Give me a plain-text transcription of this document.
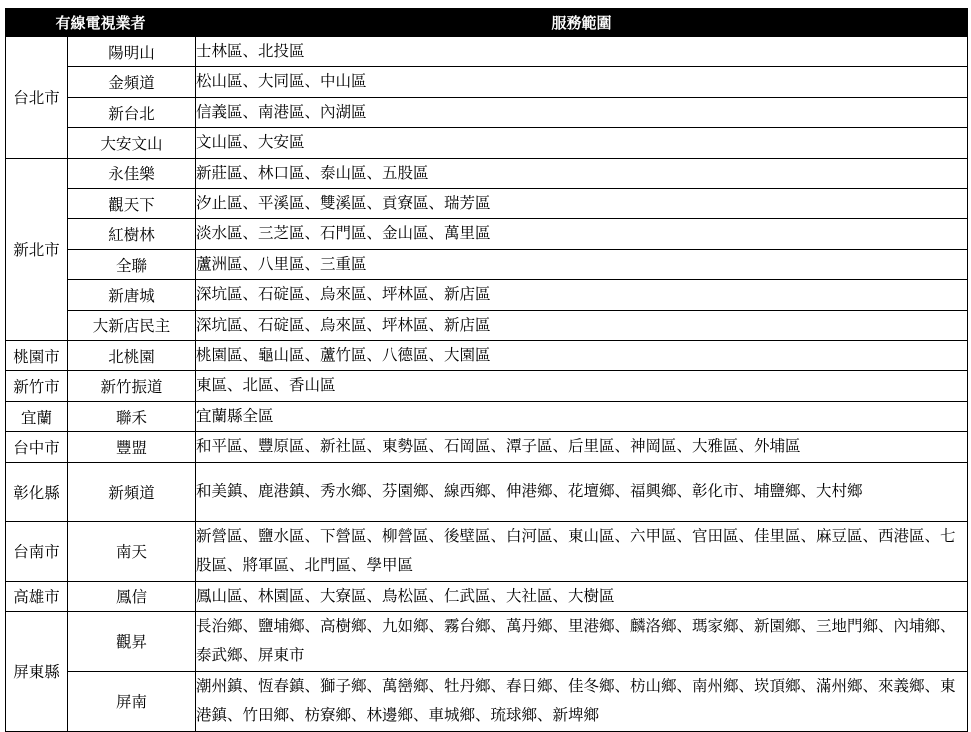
有線電視業者		服務範圍
台北市	陽明山	士林區、北投區
	金頻道	松山區、大同區、中山區
	新台北	信義區、南港區、內湖區
	大安文山	文山區、大安區
新北市	永佳樂	新莊區、林口區、泰山區、五股區
	觀天下	汐止區、平溪區、雙溪區、貢寮區、瑞芳區
	紅樹林	淡水區、三芝區、石門區、金山區、萬里區
	全聯	蘆洲區、八里區、三重區
	新唐城	深坑區、石碇區、烏來區、坪林區、新店區
	大新店民主	深坑區、石碇區、烏來區、坪林區、新店區
桃園市	北桃園	桃園區、龜山區、蘆竹區、八德區、大園區
新竹市	新竹振道	東區、北區、香山區
宜蘭	聯禾	宜蘭縣全區
台中市	豐盟	和平區、豐原區、新社區、東勢區、石岡區、潭子區、后里區、神岡區、大雅區、外埔區
彰化縣	新頻道	和美鎮、鹿港鎮、秀水鄉、芬園鄉、線西鄉、伸港鄉、花壇鄉、福興鄉、彰化市、埔鹽鄉、大村鄉
台南市	南天	新營區、鹽水區、下營區、柳營區、後壁區、白河區、東山區、六甲區、官田區、佳里區、麻豆區、西港區、七股區、將軍區、北門區、學甲區
高雄市	鳳信	鳳山區、林園區、大寮區、鳥松區、仁武區、大社區、大樹區
屏東縣	觀昇	長治鄉、鹽埔鄉、高樹鄉、九如鄉、霧台鄉、萬丹鄉、里港鄉、麟洛鄉、瑪家鄉、新園鄉、三地門鄉、內埔鄉、泰武鄉、屏東市
	屏南	潮州鎮、恆春鎮、獅子鄉、萬巒鄉、牡丹鄉、春日鄉、佳冬鄉、枋山鄉、南州鄉、崁頂鄉、滿州鄉、來義鄉、東港鎮、竹田鄉、枋寮鄉、林邊鄉、車城鄉、琉球鄉、新埤鄉
